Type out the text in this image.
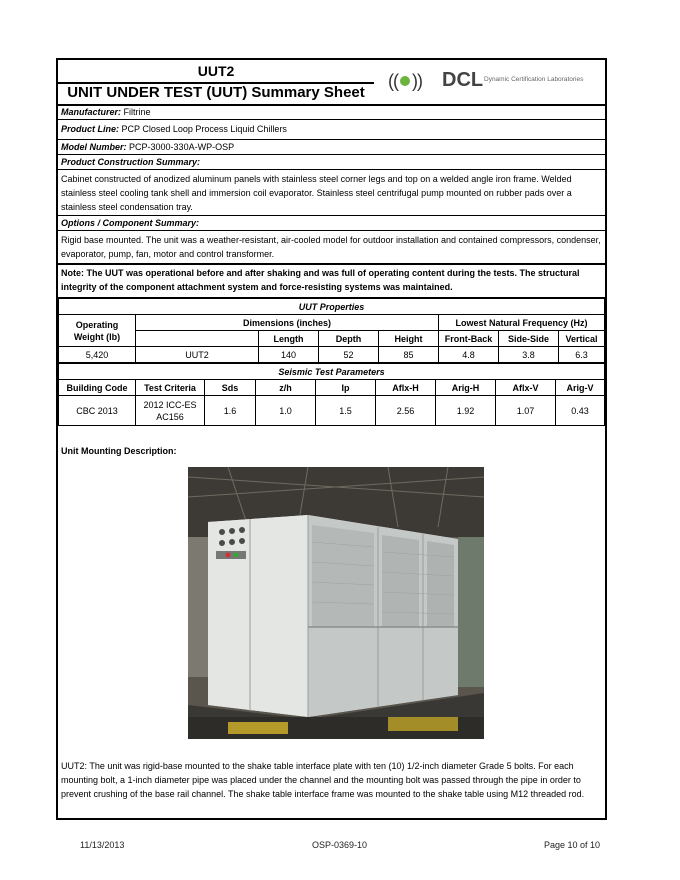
UUT2
UNIT UNDER TEST (UUT) Summary Sheet
(( )) DCL Dynamic Certification Laboratories
Manufacturer: Filtrine
Product Line: PCP Closed Loop Process Liquid Chillers
Model Number: PCP-3000-330A-WP-OSP
Product Construction Summary:
Cabinet constructed of anodized aluminum panels with stainless steel corner legs and top on a welded angle iron frame. Welded stainless steel cooling tank shell and immersion coil evaporator. Stainless steel centrifugal pump mounted on rubber pads over a stainless steel condensation tray.
Options / Component Summary:
Rigid base mounted. The unit was a weather-resistant, air-cooled model for outdoor installation and contained compressors, condenser, evaporator, pump, fan, motor and control transformer.
Note: The UUT was operational before and after shaking and was full of operating content during the tests. The structural integrity of the component attachment system and force-resisting systems was maintained.
UUT Properties							
Operating Weight (lb)	Dimensions (inches)				Lowest Natural Frequency (Hz)		
		Length	Depth	Height	Front-Back	Side-Side	Vertical
5,420	UUT2	140	52	85	4.8	3.8	6.3
Seismic Test Parameters								
Building Code	Test Criteria	Sds	z/h	Ip	Aflx-H	Arig-H	Aflx-V	Arig-V
CBC 2013	2012 ICC-ES AC156	1.6	1.0	1.5	2.56	1.92	1.07	0.43
Unit Mounting Description:
UUT2: The unit was rigid-base mounted to the shake table interface plate with ten (10) 1/2-inch diameter Grade 5 bolts. For each mounting bolt, a 1-inch diameter pipe was placed under the channel and the mounting bolt was passed through the pipe in order to prevent crushing of the base rail channel. The shake table interface frame was mounted to the shake table using M12 threaded rod.
11/13/2013	OSP-0369-10	Page 10 of 10
